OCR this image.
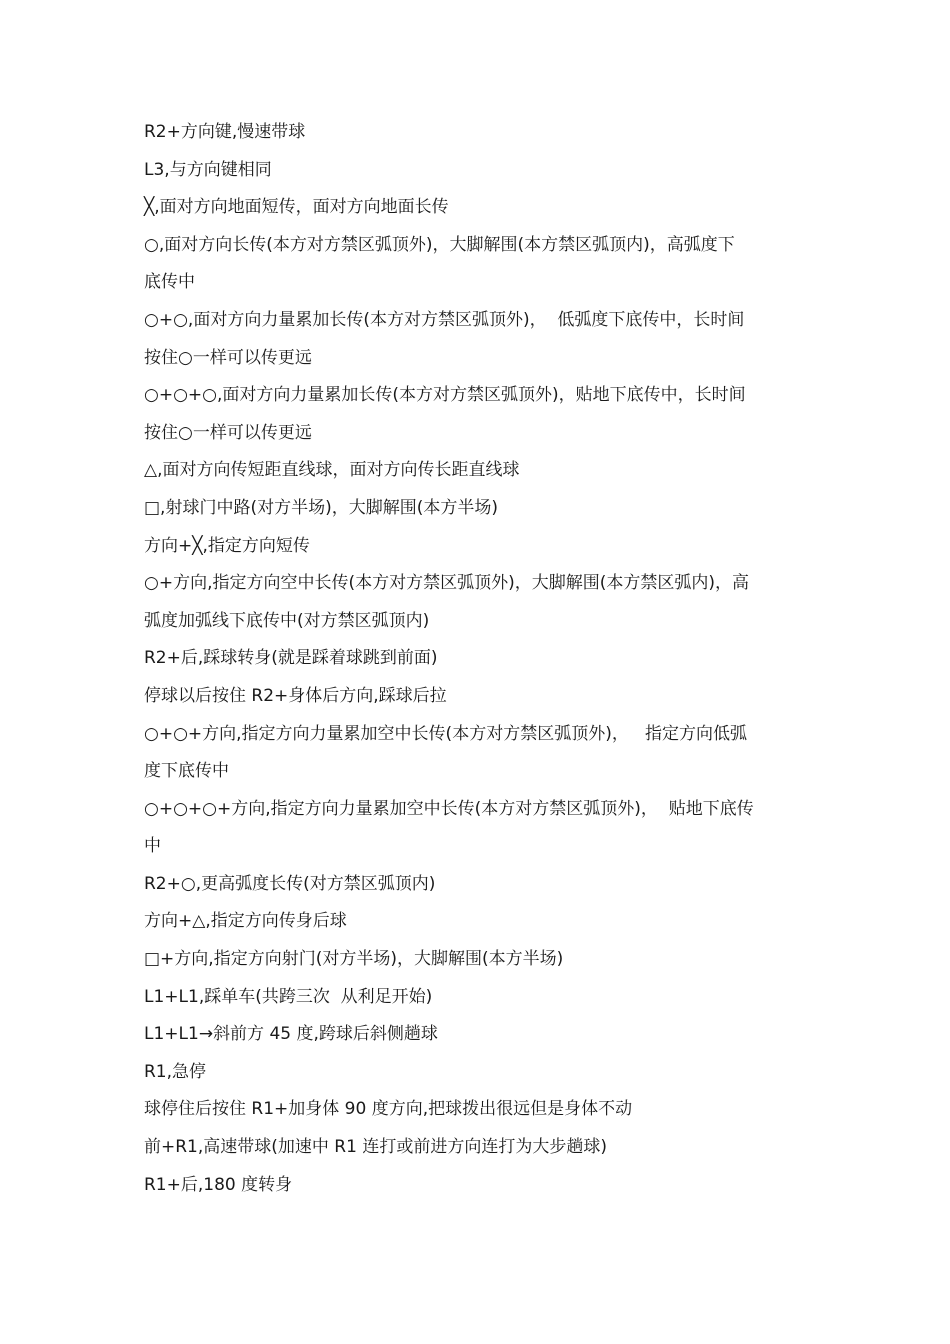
R2+方向键,慢速带球
L3,与方向键相同
╳,面对方向地面短传，面对方向地面长传
○,面对方向长传(本方对方禁区弧顶外)，大脚解围(本方禁区弧顶内)，高弧度下
底传中
○+○,面对方向力量累加长传(本方对方禁区弧顶外)，  低弧度下底传中，长时间
按住○一样可以传更远
○+○+○,面对方向力量累加长传(本方对方禁区弧顶外)，贴地下底传中，长时间
按住○一样可以传更远
△,面对方向传短距直线球，面对方向传长距直线球
□,射球门中路(对方半场)，大脚解围(本方半场)
方向+╳,指定方向短传
○+方向,指定方向空中长传(本方对方禁区弧顶外)，大脚解围(本方禁区弧内)，高
弧度加弧线下底传中(对方禁区弧顶内)
R2+后,踩球转身(就是踩着球跳到前面)
停球以后按住 R2+身体后方向,踩球后拉
○+○+方向,指定方向力量累加空中长传(本方对方禁区弧顶外)，   指定方向低弧
度下底传中
○+○+○+方向,指定方向力量累加空中长传(本方对方禁区弧顶外)，  贴地下底传
中
R2+○,更高弧度长传(对方禁区弧顶内)
方向+△,指定方向传身后球
□+方向,指定方向射门(对方半场)，大脚解围(本方半场)
L1+L1,踩单车(共跨三次  从利足开始)
L1+L1→斜前方 45 度,跨球后斜侧趟球
R1,急停
球停住后按住 R1+加身体 90 度方向,把球拨出很远但是身体不动
前+R1,高速带球(加速中 R1 连打或前进方向连打为大步趟球)
R1+后,180 度转身
